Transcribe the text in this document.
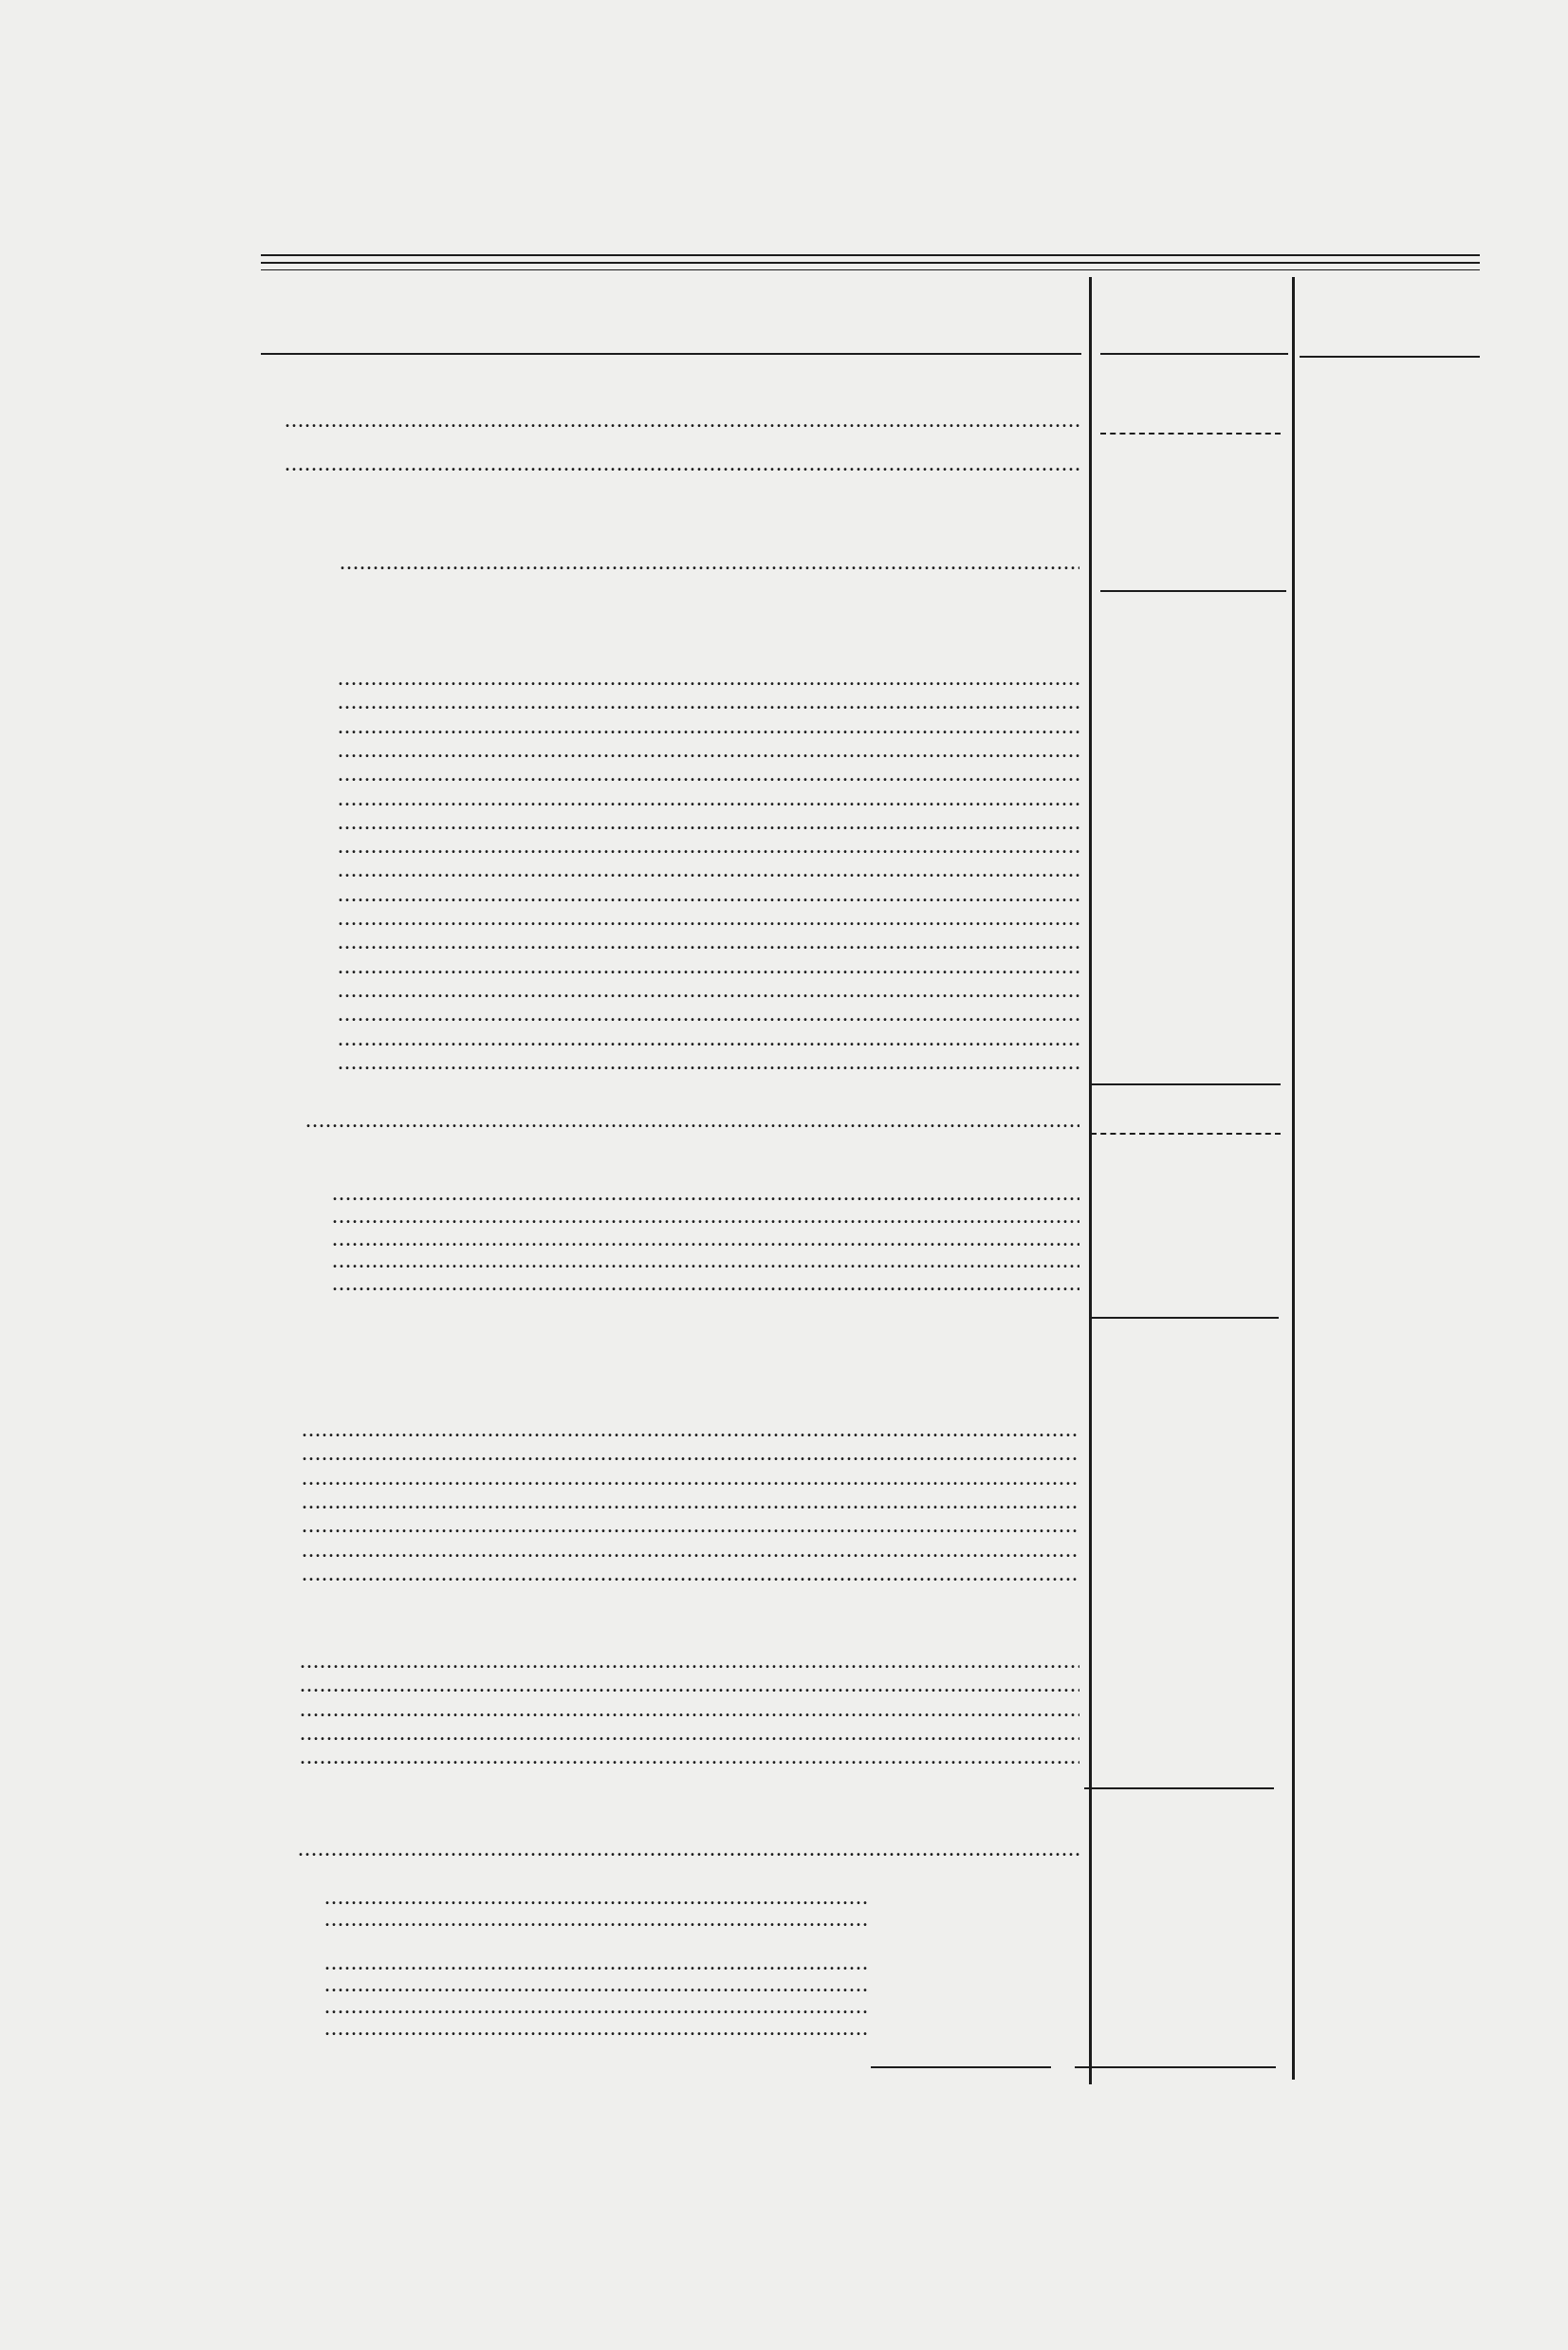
.....
.....
.....
.....
.....
.....
.....
.....
.....
.....
.....
.....
.....
.....
.....
.....
.....
.....
.....
.....
.....
.....
.....
.....
.....
.....
.....
.....
.....
.....
.....
.....
.....
.....
.....
.....
.....
.....
.....
.....
.....
.....
.....
.....
.....
